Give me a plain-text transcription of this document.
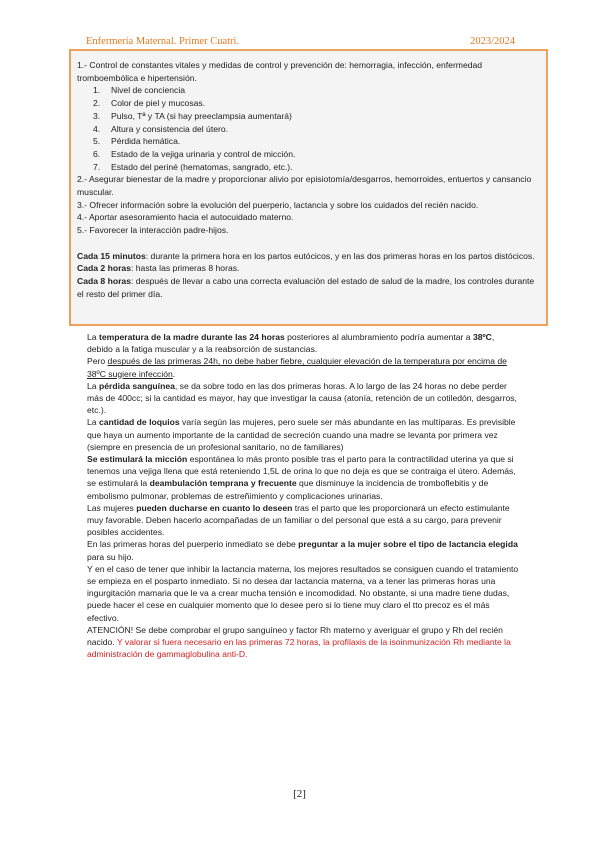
Enfermería Maternal. Primer Cuatri.	2023/2024

1.- Control de constantes vitales y medidas de control y prevención de: hemorragia, infección, enfermedad tromboembólica e hipertensión.

1. Nivel de conciencia
2. Color de piel y mucosas.
3. Pulso, Tª y TA (si hay preeclampsia aumentará)
4. Altura y consistencia del útero.
5. Pérdida hemática.
6. Estado de la vejiga urinaria y control de micción.
7. Estado del periné (hematomas, sangrado, etc.).

2.- Asegurar bienestar de la madre y proporcionar alivio por episiotomía/desgarros, hemorroides, entuertos y cansancio muscular.

3.- Ofrecer información sobre la evolución del puerperio, lactancia y sobre los cuidados del recién nacido.

4.- Aportar asesoramiento hacia el autocuidado materno.

5.- Favorecer la interacción padre-hijos.

Cada 15 minutos: durante la primera hora en los partos eutócicos, y en las dos primeras horas en los partos distócicos.

Cada 2 horas: hasta las primeras 8 horas.

Cada 8 horas: después de llevar a cabo una correcta evaluación del estado de salud de la madre, los controles durante el resto del primer día.

La temperatura de la madre durante las 24 horas posteriores al alumbramiento podría aumentar a 38ºC, debido a la fatiga muscular y a la reabsorción de sustancias.

Pero después de las primeras 24h, no debe haber fiebre, cualquier elevación de la temperatura por encima de 38ºC sugiere infección.

La pérdida sanguínea, se da sobre todo en las dos primeras horas. A lo largo de las 24 horas no debe perder más de 400cc; si la cantidad es mayor, hay que investigar la causa (atonía, retención de un cotiledón, desgarros, etc.).

La cantidad de loquios varía según las mujeres, pero suele ser más abundante en las multíparas. Es previsible que haya un aumento importante de la cantidad de secreción cuando una madre se levanta por primera vez (siempre en presencia de un profesional sanitario, no de familiares)

Se estimulará la micción espontánea lo más pronto posible tras el parto para la contractilidad uterina ya que si tenemos una vejiga llena que está reteniendo 1,5L de orina lo que no deja es que se contraiga el útero. Además, se estimulará la deambulación temprana y frecuente que disminuye la incidencia de tromboflebitis y de embolismo pulmonar, problemas de estreñimiento y complicaciones urinarias.

Las mujeres pueden ducharse en cuanto lo deseen tras el parto que les proporcionará un efecto estimulante muy favorable. Deben hacerlo acompañadas de un familiar o del personal que está a su cargo, para prevenir posibles accidentes.

En las primeras horas del puerperio inmediato se debe preguntar a la mujer sobre el tipo de lactancia elegida para su hijo.

Y en el caso de tener que inhibir la lactancia materna, los mejores resultados se consiguen cuando el tratamiento se empieza en el posparto inmediato. Si no desea dar lactancia materna, va a tener las primeras horas una ingurgitación mamaria que le va a crear mucha tensión e incomodidad. No obstante, si una madre tiene dudas, puede hacer el cese en cualquier momento que lo desee pero si lo tiene muy claro el tto precoz es el más efectivo.

ATENCIÓN! Se debe comprobar el grupo sanguíneo y factor Rh materno y averiguar el grupo y Rh del recién nacido. Y valorar si fuera necesario en las primeras 72 horas, la profilaxis de la isoinmunización Rh mediante la administración de gammaglobulina anti-D.

[2]
